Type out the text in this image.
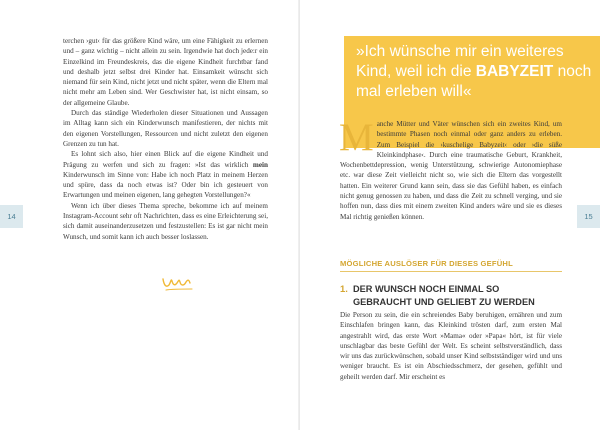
terchen ›gut‹ für das größere Kind wäre, um eine Fähigkeit zu erlernen und – ganz wichtig – nicht allein zu sein. Irgendwie hat doch jede:r ein Einzelkind im Freundeskreis, das die eigene Kindheit furchtbar fand und deshalb jetzt selbst drei Kinder hat. Einsamkeit wünscht sich niemand für sein Kind, nicht jetzt und nicht später, wenn die Eltern mal nicht mehr am Leben sind. Wer Geschwister hat, ist nicht einsam, so der allgemeine Glaube.

Durch das ständige Wiederholen dieser Situationen und Aussagen im Alltag kann sich ein Kinderwunsch manifestieren, der nichts mit den eigenen Vorstellungen, Ressourcen und nicht zuletzt den eigenen Grenzen zu tun hat.

Es lohnt sich also, hier einen Blick auf die eigene Kindheit und Prägung zu werfen und sich zu fragen: »Ist das wirklich mein Kinderwunsch im Sinne von: Habe ich noch Platz in meinem Herzen und spüre, dass da noch etwas ist? Oder bin ich gesteuert von Erwartungen und meinen eigenen, lang gehegten Vorstellungen?«

Wenn ich über dieses Thema spreche, bekomme ich auf meinem Instagram-Account sehr oft Nachrichten, dass es eine Erleichterung sei, sich damit auseinanderzusetzen und festzustellen: Es ist gar nicht mein Wunsch, und somit kann ich auch besser loslassen.

14

»Ich wünsche mir ein weiteres Kind, weil ich die BABYZEIT noch mal erleben will«

Manche Mütter und Väter wünschen sich ein zweites Kind, um bestimmte Phasen noch einmal oder ganz anders zu erleben. Zum Beispiel die ›kuschelige Babyzeit‹ oder ›die süße Kleinkindphase‹. Durch eine traumatische Geburt, Krankheit, Wochenbettdepression, wenig Unterstützung, schwierige Autonomiephase etc. war diese Zeit vielleicht nicht so, wie sich die Eltern das vorgestellt hatten. Ein weiterer Grund kann sein, dass sie das Gefühl haben, es einfach nicht genug genossen zu haben, und dass die Zeit zu schnell verging, und sie hoffen nun, dass dies mit einem zweiten Kind anders wäre und sie es dieses Mal richtig genießen können.

MÖGLICHE AUSLÖSER FÜR DIESES GEFÜHL
1. DER WUNSCH NOCH EINMAL SO GEBRAUCHT UND GELIEBT ZU WERDEN

Die Person zu sein, die ein schreiendes Baby beruhigen, ernähren und zum Einschlafen bringen kann, das Kleinkind trösten darf, zum ersten Mal angestrahlt wird, das erste Wort »Mama« oder »Papa« hört, ist für viele unschlagbar das beste Gefühl der Welt. Es scheint selbstverständlich, dass wir uns das zurückwünschen, sobald unser Kind selbstständiger wird und uns weniger braucht. Es ist ein Abschiedsschmerz, der gesehen, gefühlt und geheilt werden darf. Mir erscheint es

15
